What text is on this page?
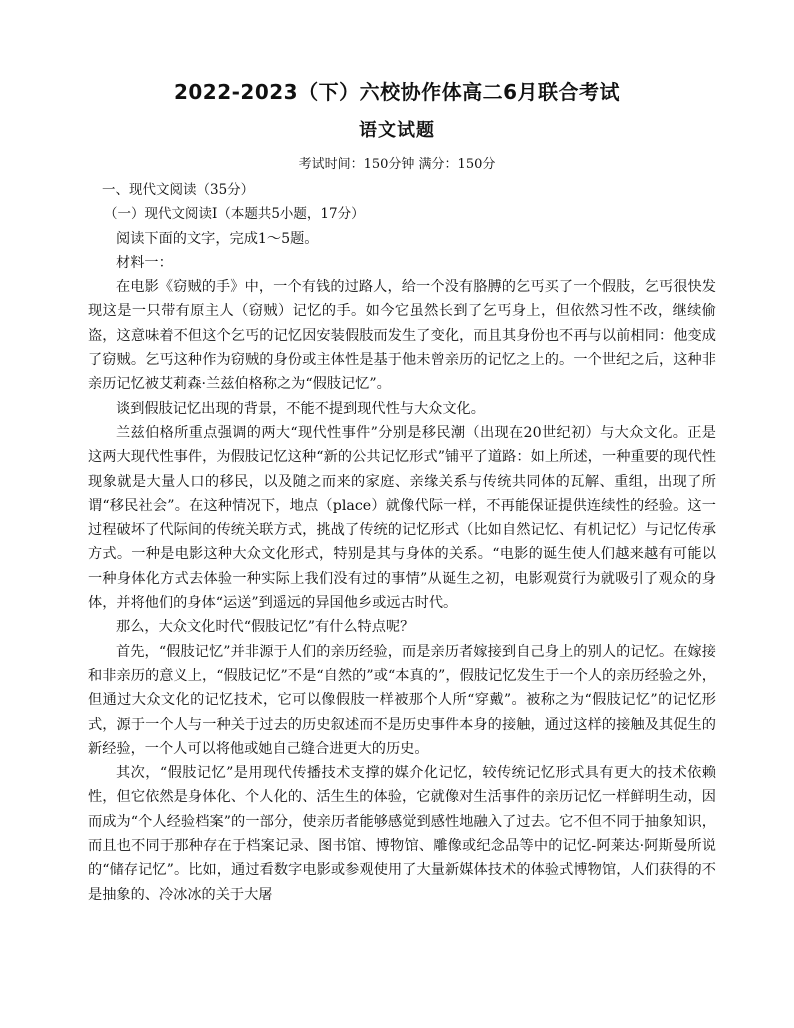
2022-2023（下）六校协作体高二6月联合考试
语文试题
考试时间：150分钟 满分：150分

一、现代文阅读（35分）

（一）现代文阅读I（本题共5小题，17分）

阅读下面的文字，完成1～5题。

材料一：

在电影《窃贼的手》中，一个有钱的过路人，给一个没有胳膊的乞丐买了一个假肢，乞丐很快发现这是一只带有原主人（窃贼）记忆的手。如今它虽然长到了乞丐身上，但依然习性不改，继续偷盗，这意味着不但这个乞丐的记忆因安装假肢而发生了变化，而且其身份也不再与以前相同：他变成了窃贼。乞丐这种作为窃贼的身份或主体性是基于他未曾亲历的记忆之上的。一个世纪之后，这种非亲历记忆被艾莉森·兰兹伯格称之为“假肢记忆”。

谈到假肢记忆出现的背景，不能不提到现代性与大众文化。

兰兹伯格所重点强调的两大“现代性事件”分别是移民潮（出现在20世纪初）与大众文化。正是这两大现代性事件，为假肢记忆这种“新的公共记忆形式”铺平了道路：如上所述，一种重要的现代性现象就是大量人口的移民，以及随之而来的家庭、亲缘关系与传统共同体的瓦解、重组，出现了所谓“移民社会”。在这种情况下，地点（place）就像代际一样，不再能保证提供连续性的经验。这一过程破坏了代际间的传统关联方式，挑战了传统的记忆形式（比如自然记忆、有机记忆）与记忆传承方式。一种是电影这种大众文化形式，特别是其与身体的关系。“电影的诞生使人们越来越有可能以一种身体化方式去体验一种实际上我们没有过的事情”从诞生之初，电影观赏行为就吸引了观众的身体，并将他们的身体“运送”到遥远的异国他乡或远古时代。

那么，大众文化时代“假肢记忆”有什么特点呢？

首先，“假肢记忆”并非源于人们的亲历经验，而是亲历者嫁接到自己身上的别人的记忆。在嫁接和非亲历的意义上，“假肢记忆”不是“自然的”或“本真的”，假肢记忆发生于一个人的亲历经验之外，但通过大众文化的记忆技术，它可以像假肢一样被那个人所“穿戴”。被称之为“假肢记忆”的记忆形式，源于一个人与一种关于过去的历史叙述而不是历史事件本身的接触，通过这样的接触及其促生的新经验，一个人可以将他或她自己缝合进更大的历史。

其次，“假肢记忆”是用现代传播技术支撑的媒介化记忆，较传统记忆形式具有更大的技术依赖性，但它依然是身体化、个人化的、活生生的体验，它就像对生活事件的亲历记忆一样鲜明生动，因而成为“个人经验档案”的一部分，使亲历者能够感觉到感性地融入了过去。它不但不同于抽象知识，而且也不同于那种存在于档案记录、图书馆、博物馆、雕像或纪念品等中的记忆-阿莱达·阿斯曼所说的“储存记忆”。比如，通过看数字电影或参观使用了大量新媒体技术的体验式博物馆，人们获得的不是抽象的、冷冰冰的关于大屠
